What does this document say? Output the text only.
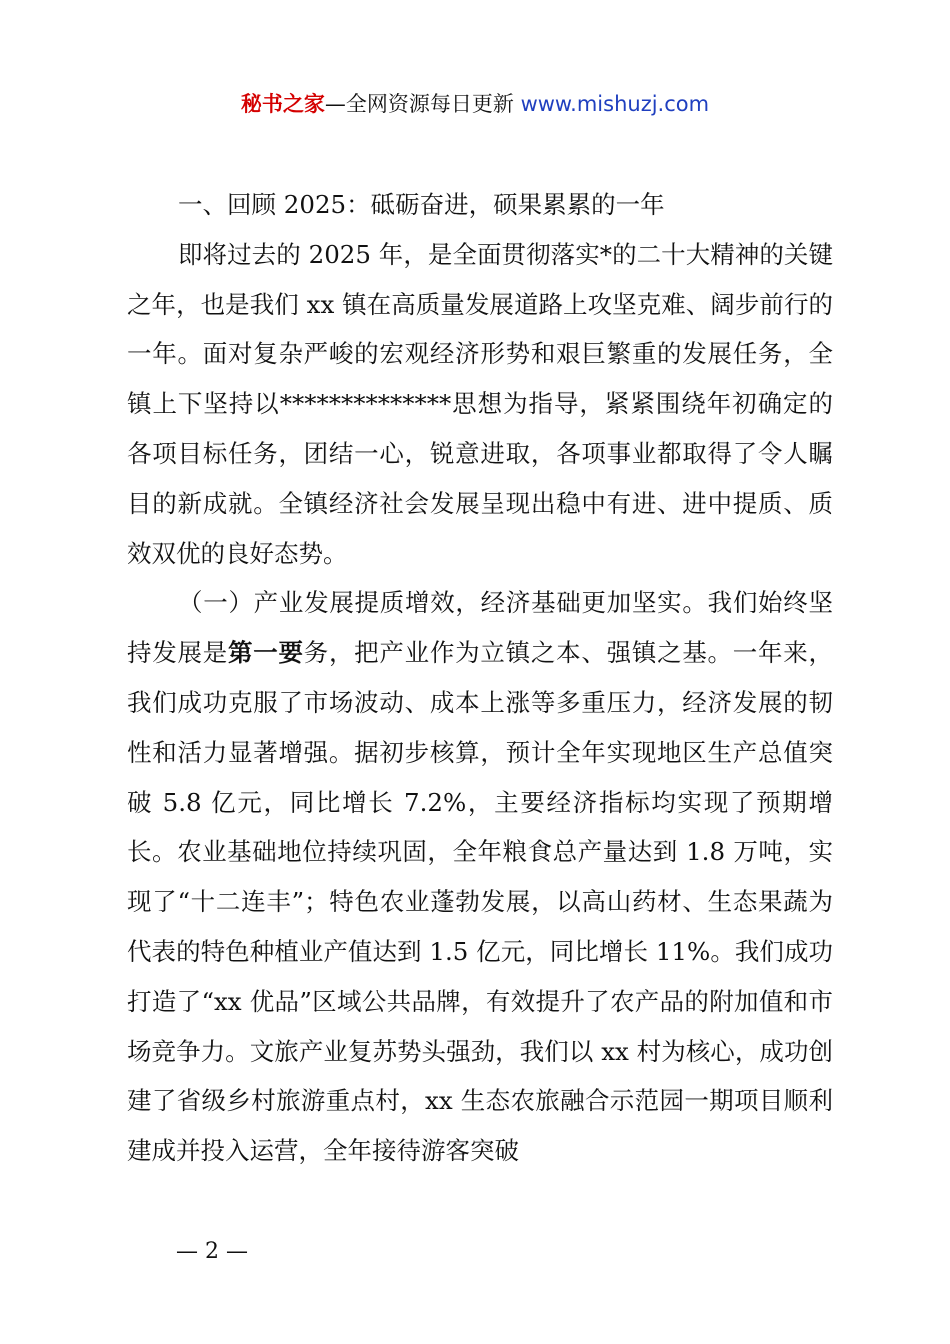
秘书之家—全网资源每日更新 www.mishuzj.com

一、回顾 2025：砥砺奋进，硕果累累的一年

即将过去的 2025 年，是全面贯彻落实*的二十大精神的关键之年，也是我们 xx 镇在高质量发展道路上攻坚克难、阔步前行的一年。面对复杂严峻的宏观经济形势和艰巨繁重的发展任务，全镇上下坚持以**************思想为指导，紧紧围绕年初确定的各项目标任务，团结一心，锐意进取，各项事业都取得了令人瞩目的新成就。全镇经济社会发展呈现出稳中有进、进中提质、质效双优的良好态势。

（一）产业发展提质增效，经济基础更加坚实。我们始终坚持发展是第一要务，把产业作为立镇之本、强镇之基。一年来，我们成功克服了市场波动、成本上涨等多重压力，经济发展的韧性和活力显著增强。据初步核算，预计全年实现地区生产总值突破 5.8 亿元，同比增长 7.2%，主要经济指标均实现了预期增长。农业基础地位持续巩固，全年粮食总产量达到 1.8 万吨，实现了“十二连丰”；特色农业蓬勃发展，以高山药材、生态果蔬为代表的特色种植业产值达到 1.5 亿元，同比增长 11%。我们成功打造了“xx 优品”区域公共品牌，有效提升了农产品的附加值和市场竞争力。文旅产业复苏势头强劲，我们以 xx 村为核心，成功创建了省级乡村旅游重点村，xx 生态农旅融合示范园一期项目顺利建成并投入运营，全年接待游客突破

— 2 —
